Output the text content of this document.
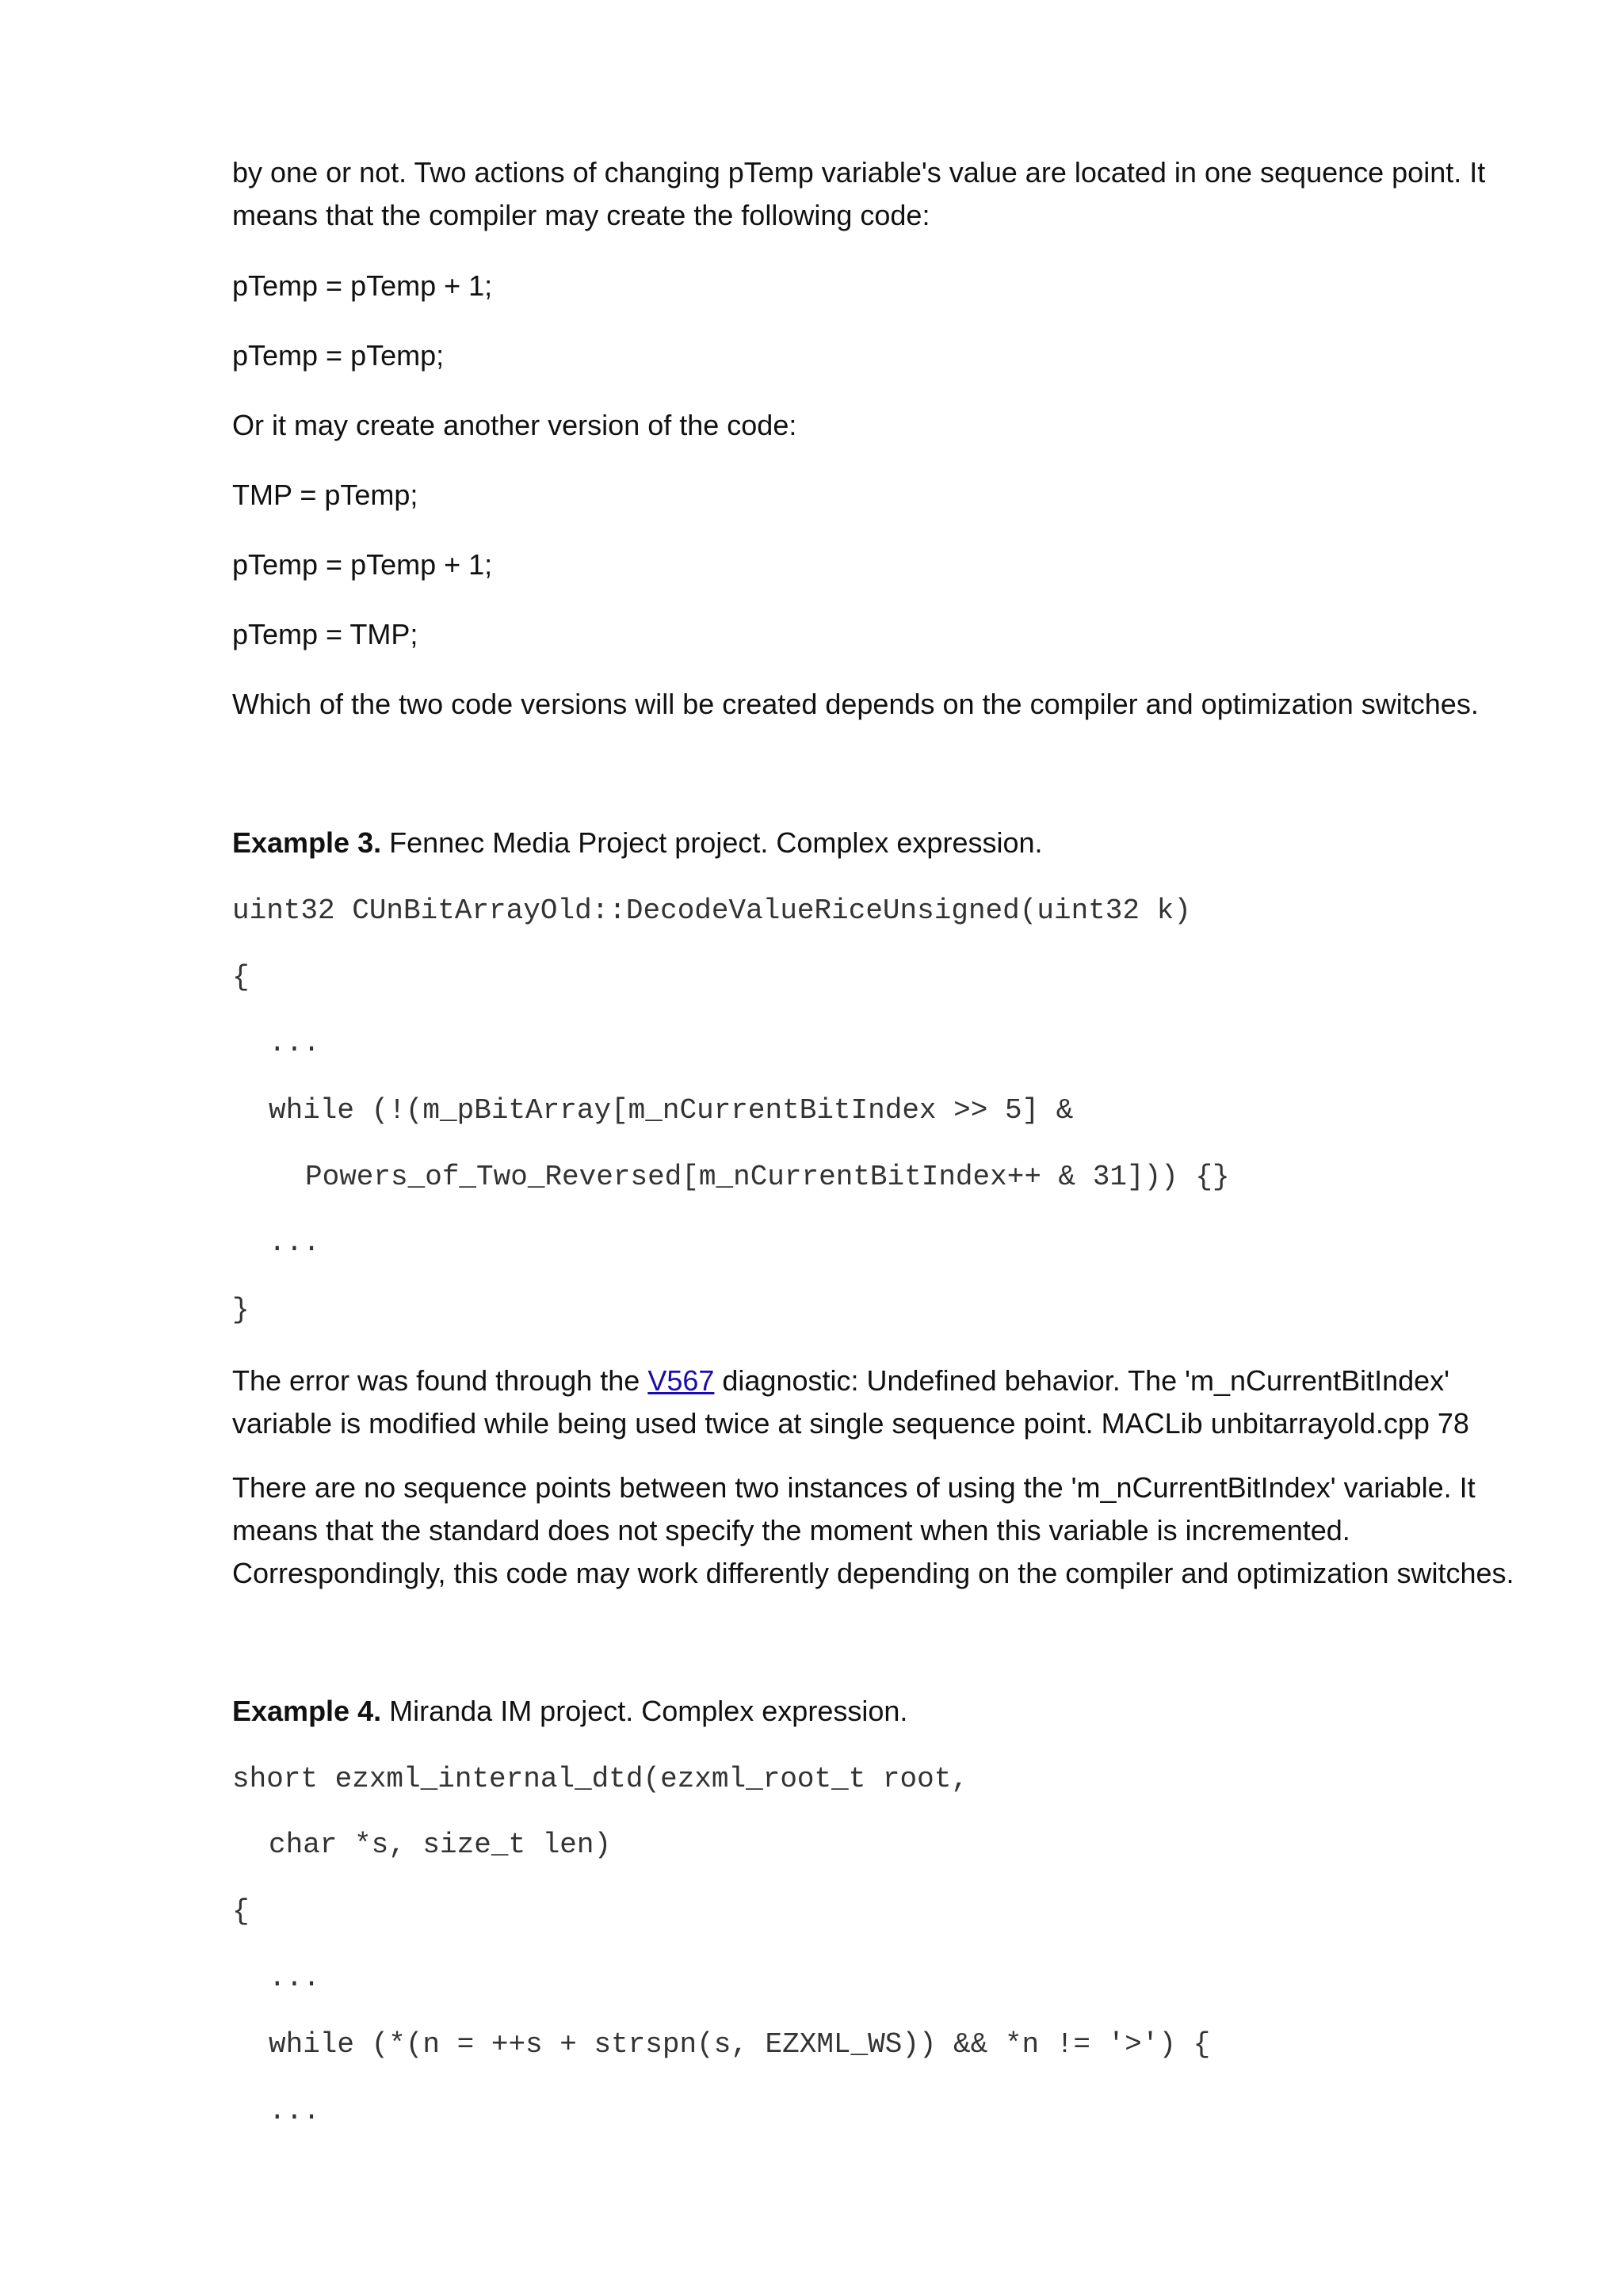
by one or not. Two actions of changing pTemp variable's value are located in one sequence point. It
means that the compiler may create the following code:

pTemp = pTemp + 1;

pTemp = pTemp;

Or it may create another version of the code:

TMP = pTemp;

pTemp = pTemp + 1;

pTemp = TMP;

Which of the two code versions will be created depends on the compiler and optimization switches.

Example 3. Fennec Media Project project. Complex expression.

uint32 CUnBitArrayOld::DecodeValueRiceUnsigned(uint32 k)

{

...

while (!(m_pBitArray[m_nCurrentBitIndex >> 5] &

Powers_of_Two_Reversed[m_nCurrentBitIndex++ & 31])) {}

...

}

The error was found through the V567 diagnostic: Undefined behavior. The 'm_nCurrentBitIndex'
variable is modified while being used twice at single sequence point. MACLib unbitarrayold.cpp 78

There are no sequence points between two instances of using the 'm_nCurrentBitIndex' variable. It
means that the standard does not specify the moment when this variable is incremented.
Correspondingly, this code may work differently depending on the compiler and optimization switches.

Example 4. Miranda IM project. Complex expression.

short ezxml_internal_dtd(ezxml_root_t root,

char *s, size_t len)

{

...

while (*(n = ++s + strspn(s, EZXML_WS)) && *n != '>') {

...
